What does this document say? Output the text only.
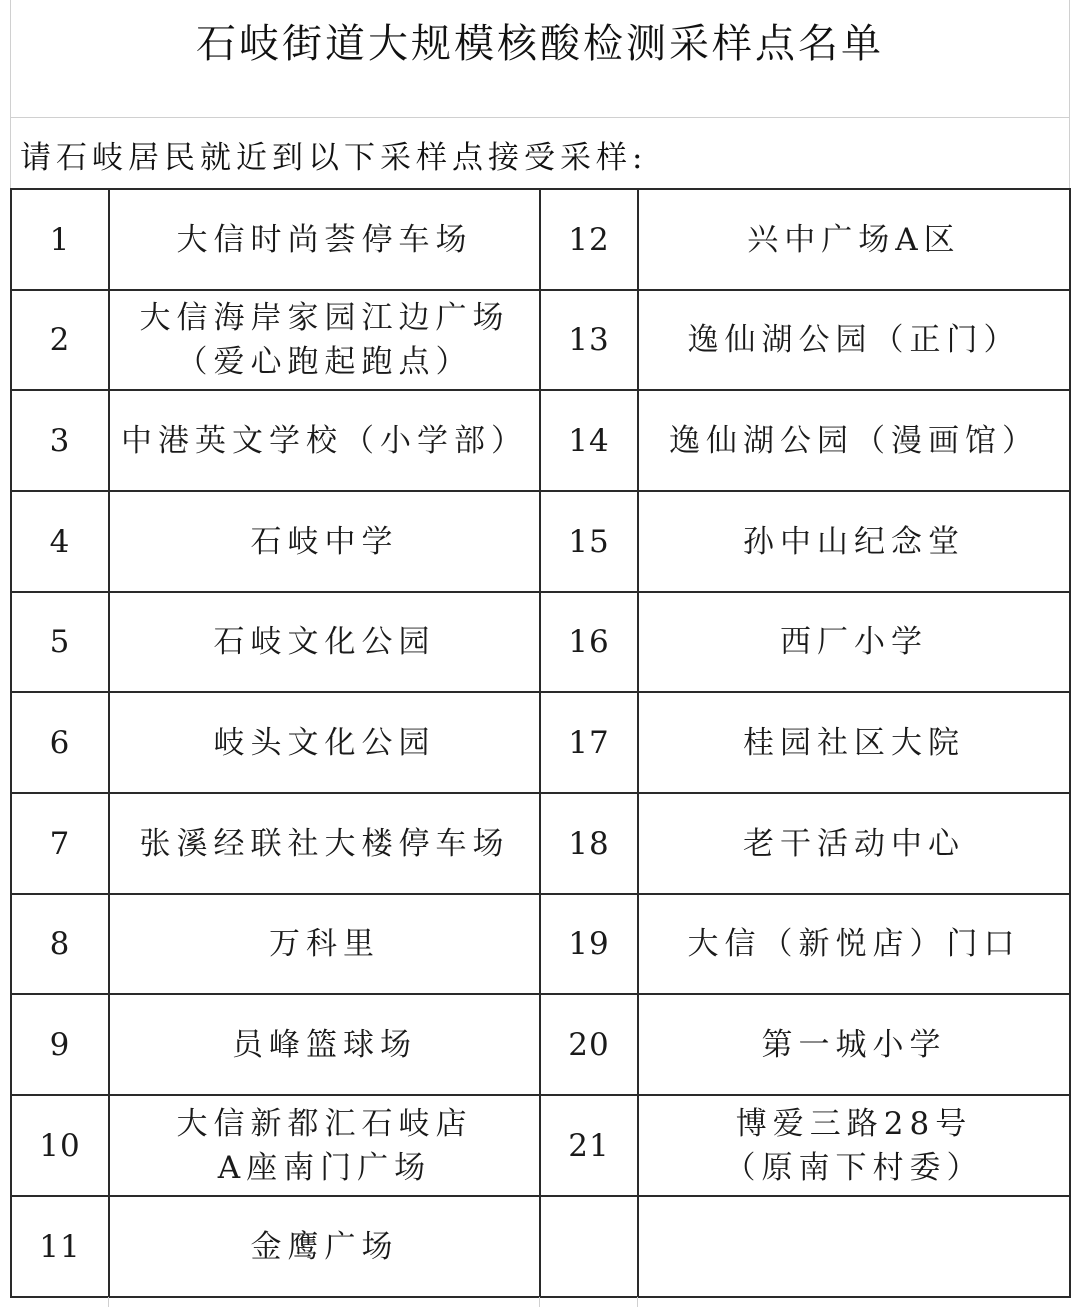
石岐街道大规模核酸检测采样点名单
请石岐居民就近到以下采样点接受采样:
1	大信时尚荟停车场	12	兴中广场A区

2	大信海岸家园江边广场
（爱心跑起跑点）	13	逸仙湖公园（正门）

3	中港英文学校（小学部）	14	逸仙湖公园（漫画馆）

4	石岐中学	15	孙中山纪念堂

5	石岐文化公园	16	西厂小学

6	岐头文化公园	17	桂园社区大院

7	张溪经联社大楼停车场	18	老干活动中心

8	万科里	19	大信（新悦店）门口

9	员峰篮球场	20	第一城小学

10	大信新都汇石岐店
A座南门广场	21	博爱三路28号
（原南下村委）

11	金鹰广场		
